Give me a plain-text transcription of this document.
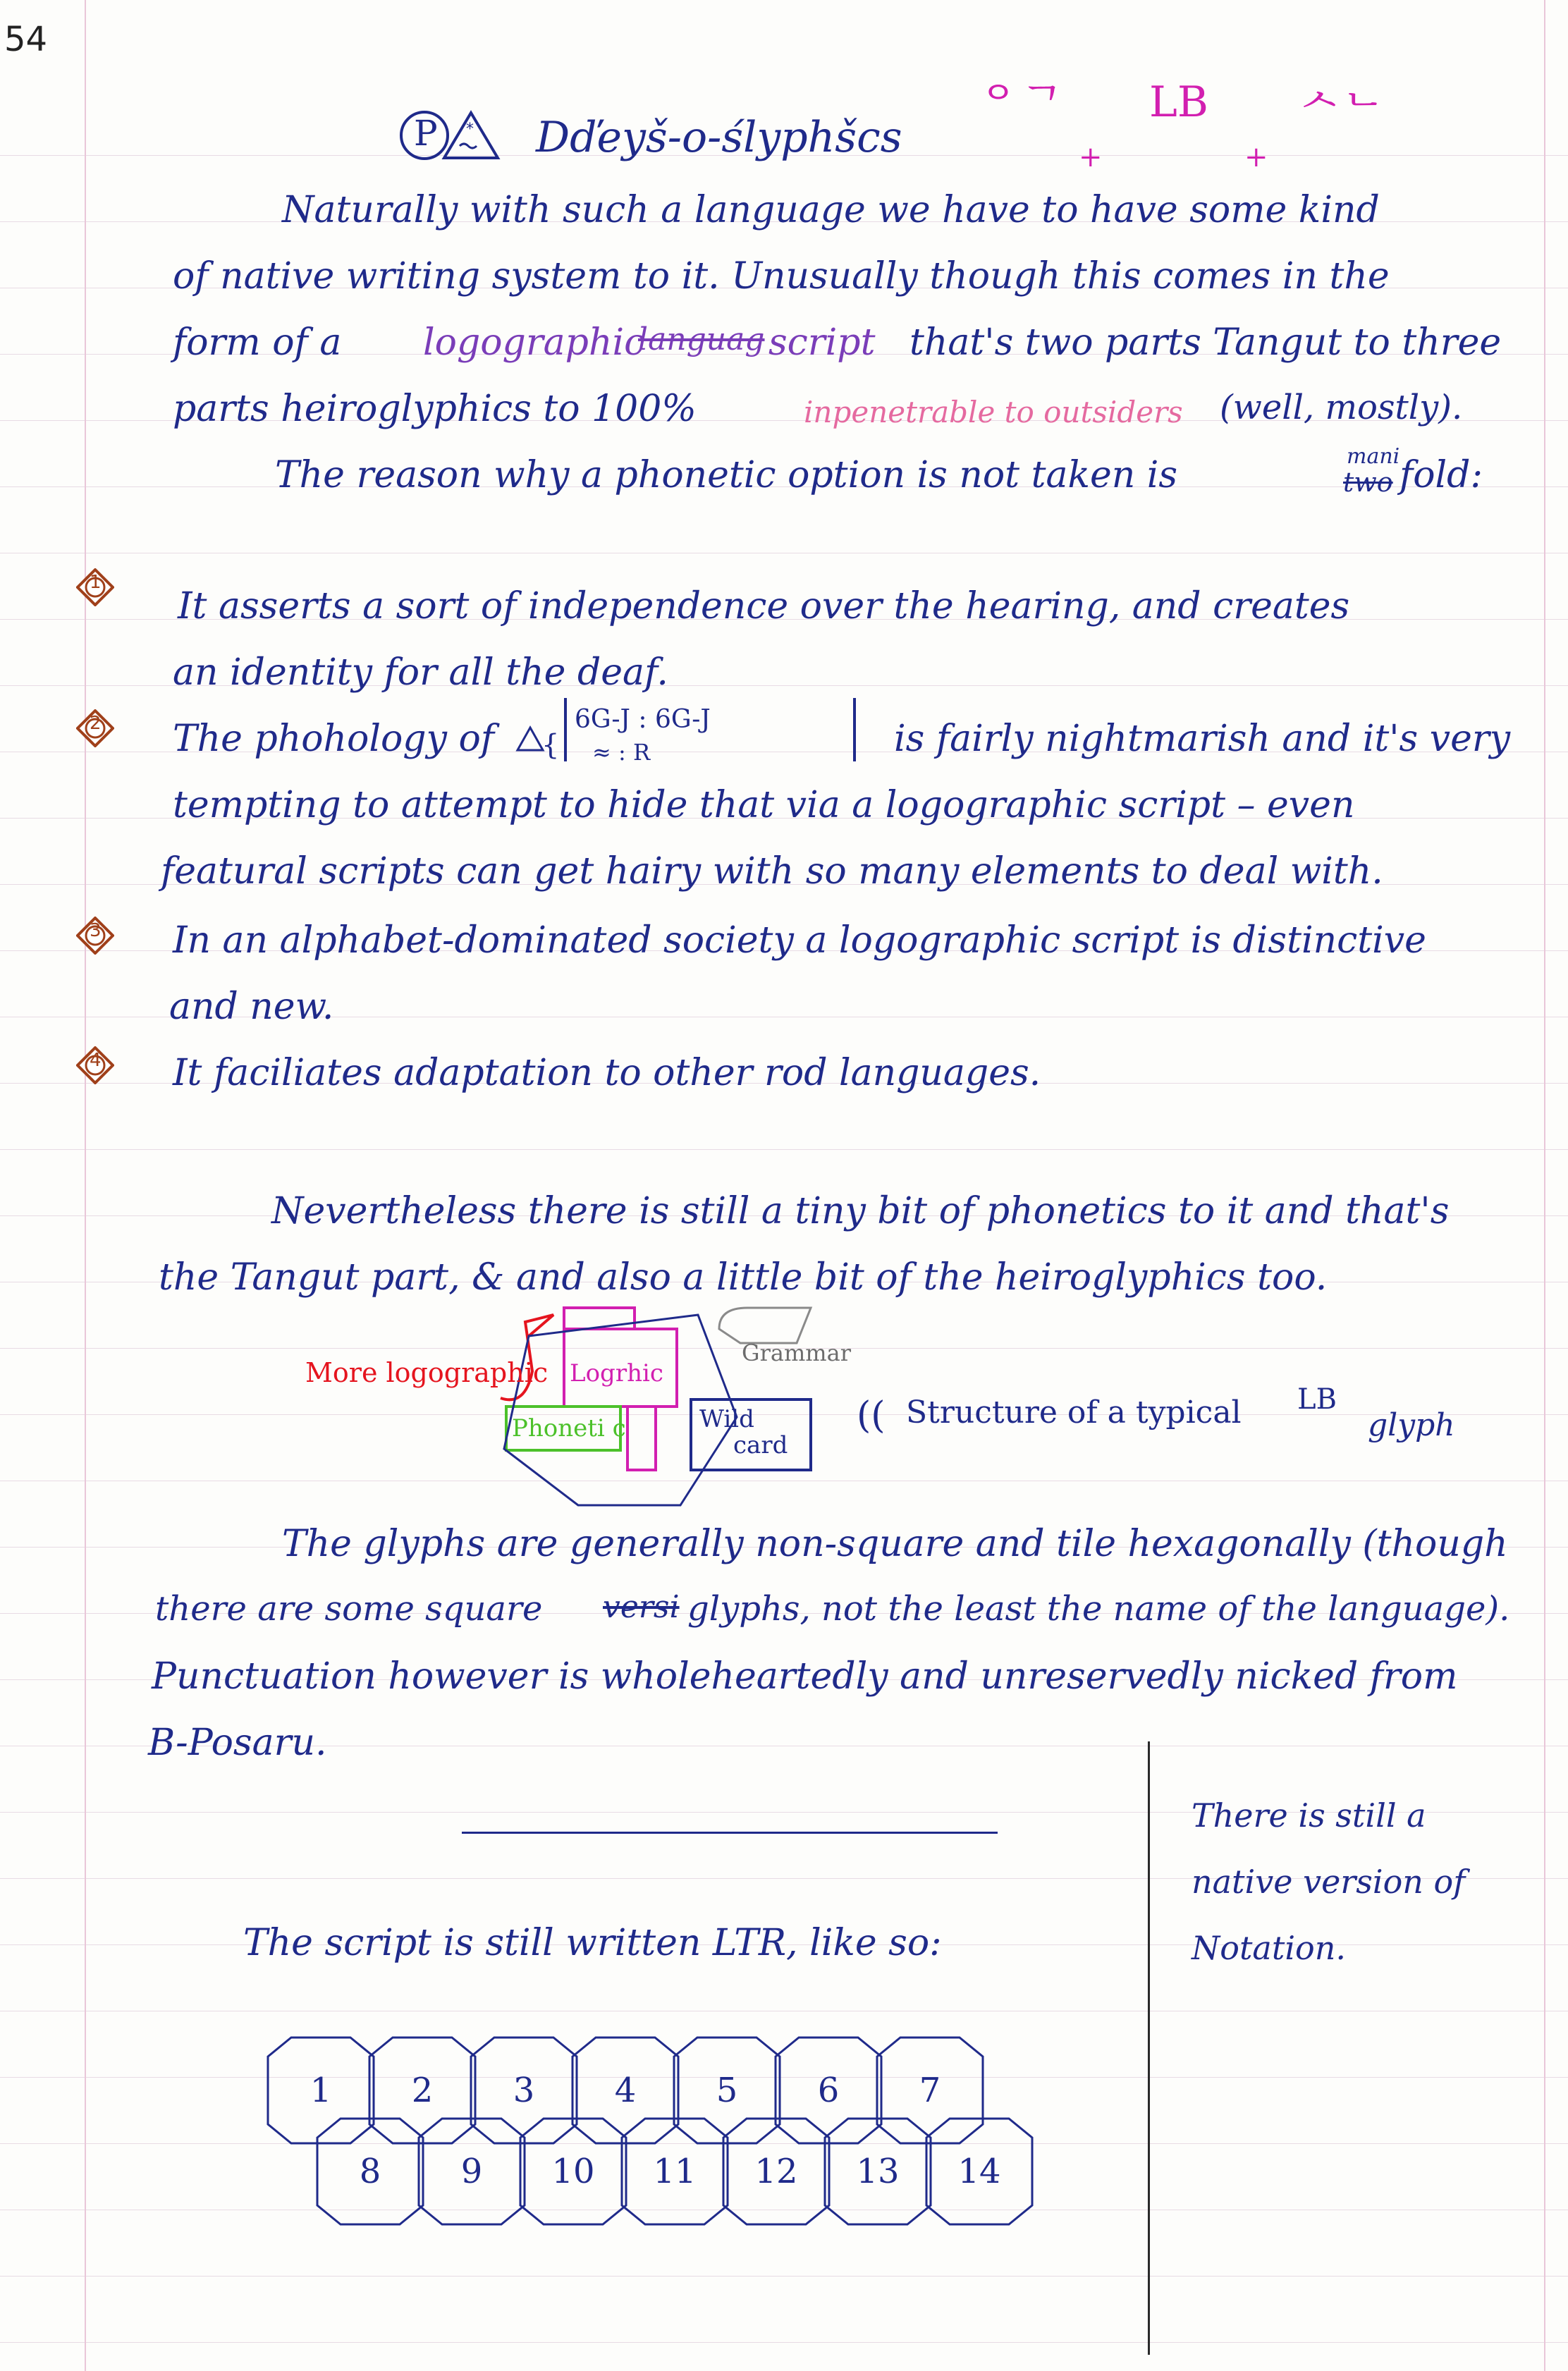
54
*
P Dďeyš-o-ślyphšcs
ᄋᄀ
+
LB
+
ᄉᄂ
Naturally with such a language we have to have some kind
of native writing system to it. Unusually though this comes in the
form of a logographic
languag script that's two parts Tangut to three
parts heiroglyphics to 100%	inpenetrable to outsiders (well, mostly).
The reason why a phonetic option is not taken is	mani
two fold:
1
It asserts a sort of independence over the hearing, and creates
an identity for all the deaf.
2 The phohology of {
6G-J : 6G-J
≈ : R	is fairly nightmarish and it's very
tempting to attempt to hide that via a logographic script – even
featural scripts can get hairy with so many elements to deal with.
3 In an alphabet-dominated society a logographic script is distinctive
and new.
4 It faciliates adaptation to other rod languages.
Nevertheless there is still a tiny bit of phonetics to it and that's
the Tangut part, & and also a little bit of the heiroglyphics too.
More logographic Logrhic
Grammar
Phoneti c	Wild
card
(( Structure of a typical LB
glyph
The glyphs are generally non-square and tile hexagonally (though
there are some square versi glyphs, not the least the name of the language).
Punctuation however is wholeheartedly and unreservedly nicked from
B-Posaru.
There is still a
native version of
Notation.
The script is still written LTR, like so:
1 2 3 4 5 6 7
8 9 10 11 12 13 14
